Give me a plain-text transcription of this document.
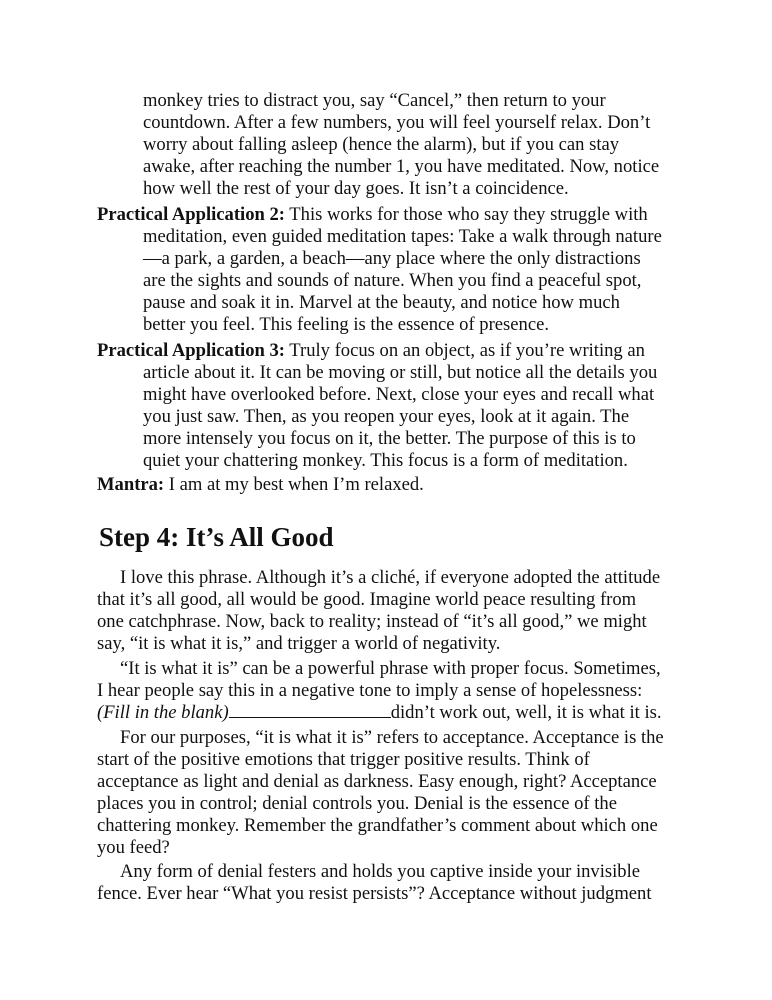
monkey tries to distract you, say “Cancel,” then return to your
countdown. After a few numbers, you will feel yourself relax. Don’t
worry about falling asleep (hence the alarm), but if you can stay
awake, after reaching the number 1, you have meditated. Now, notice
how well the rest of your day goes. It isn’t a coincidence.
Practical Application 2: This works for those who say they struggle with
meditation, even guided meditation tapes: Take a walk through nature
—a park, a garden, a beach—any place where the only distractions
are the sights and sounds of nature. When you find a peaceful spot,
pause and soak it in. Marvel at the beauty, and notice how much
better you feel. This feeling is the essence of presence.
Practical Application 3: Truly focus on an object, as if you’re writing an
article about it. It can be moving or still, but notice all the details you
might have overlooked before. Next, close your eyes and recall what
you just saw. Then, as you reopen your eyes, look at it again. The
more intensely you focus on it, the better. The purpose of this is to
quiet your chattering monkey. This focus is a form of meditation.
Mantra: I am at my best when I’m relaxed.
Step 4: It’s All Good
I love this phrase. Although it’s a cliché, if everyone adopted the attitude
that it’s all good, all would be good. Imagine world peace resulting from
one catchphrase. Now, back to reality; instead of “it’s all good,” we might
say, “it is what it is,” and trigger a world of negativity.
“It is what it is” can be a powerful phrase with proper focus. Sometimes,
I hear people say this in a negative tone to imply a sense of hopelessness:
(Fill in the blank)	didn’t work out, well, it is what it is.
For our purposes, “it is what it is” refers to acceptance. Acceptance is the
start of the positive emotions that trigger positive results. Think of
acceptance as light and denial as darkness. Easy enough, right? Acceptance
places you in control; denial controls you. Denial is the essence of the
chattering monkey. Remember the grandfather’s comment about which one
you feed?
Any form of denial festers and holds you captive inside your invisible
fence. Ever hear “What you resist persists”? Acceptance without judgment
